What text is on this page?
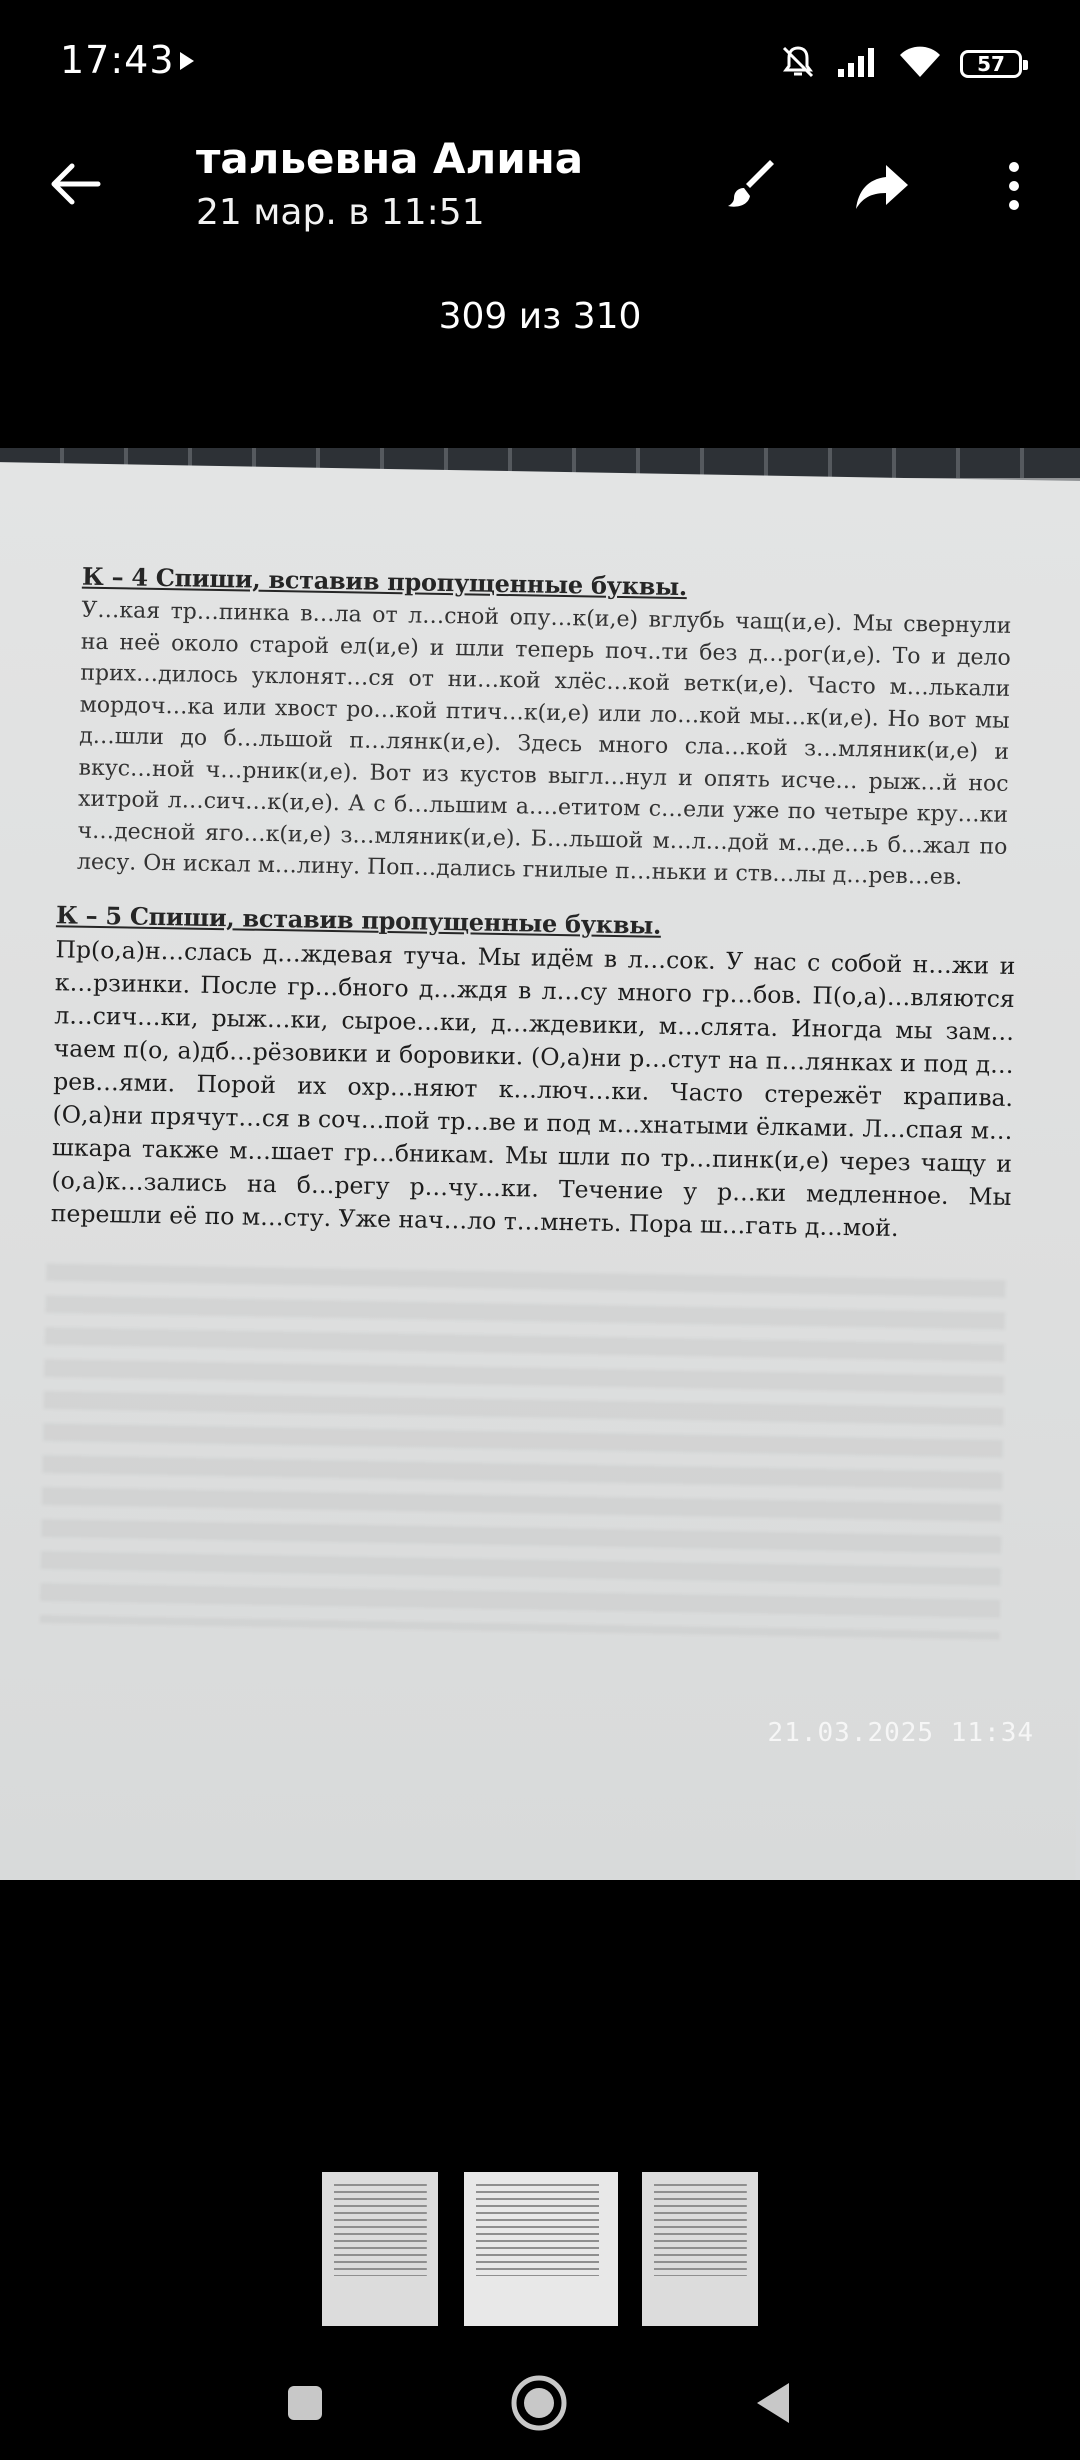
17:43	57
тальевна Алина
21 мар. в 11:51
309 из 310
К – 4 Спиши, вставив пропущенные буквы.
У…кая тр…пинка в…ла от л…сной опу…к(и,е) вглубь чащ(и,е). Мы свернули на неё около старой ел(и,е) и шли теперь поч..ти без д…рог(и,е). То и дело прих…дилось уклонят…ся от ни…кой хлёс…кой ветк(и,е). Часто м…лькали мордоч…ка или хвост ро…кой птич…к(и,е) или ло…кой мы…к(и,е). Но вот мы д…шли до б…льшой п…лянк(и,е). Здесь много сла…кой з…мляник(и,е) и вкус…ной ч…рник(и,е). Вот из кустов выгл…нул и опять исче… рыж…й нос хитрой л…сич…к(и,е). А с б…льшим а….етитом с…ели уже по четыре кру…ки ч…десной яго…к(и,е) з…мляник(и,е). Б…льшой м…л…дой м…де…ь б…жал по лесу. Он искал м…лину. Поп…дались гнилые п…ньки и ств…лы д…рев…ев.
К – 5 Спиши, вставив пропущенные буквы.
Пр(о,а)н…слась д…ждевая туча. Мы идём в л…сок. У нас с собой н…жи и к…рзинки. После гр…бного д…ждя в л…су много гр…бов. П(о,а)…вляются л…сич…ки, рыж…ки, сырое…ки, д…ждевики, м…слята. Иногда мы зам…чаем п(о, а)дб…рёзовики и боровики. (О,а)ни р…стут на п…лянках и под д…рев…ями. Порой их охр…няют к…люч…ки. Часто стережёт крапива. (О,а)ни прячут…ся в соч…пой тр…ве и под м…хнатыми ёлками. Л…спая м…шкара также м…шает гр…бникам. Мы шли по тр…пинк(и,е) через чащу и (о,а)к…зались на б…регу р…чу…ки. Течение у р…ки медленное. Мы перешли её по м…сту. Уже нач…ло т…мнеть. Пора ш…гать д…мой.
21.03.2025 11:34
